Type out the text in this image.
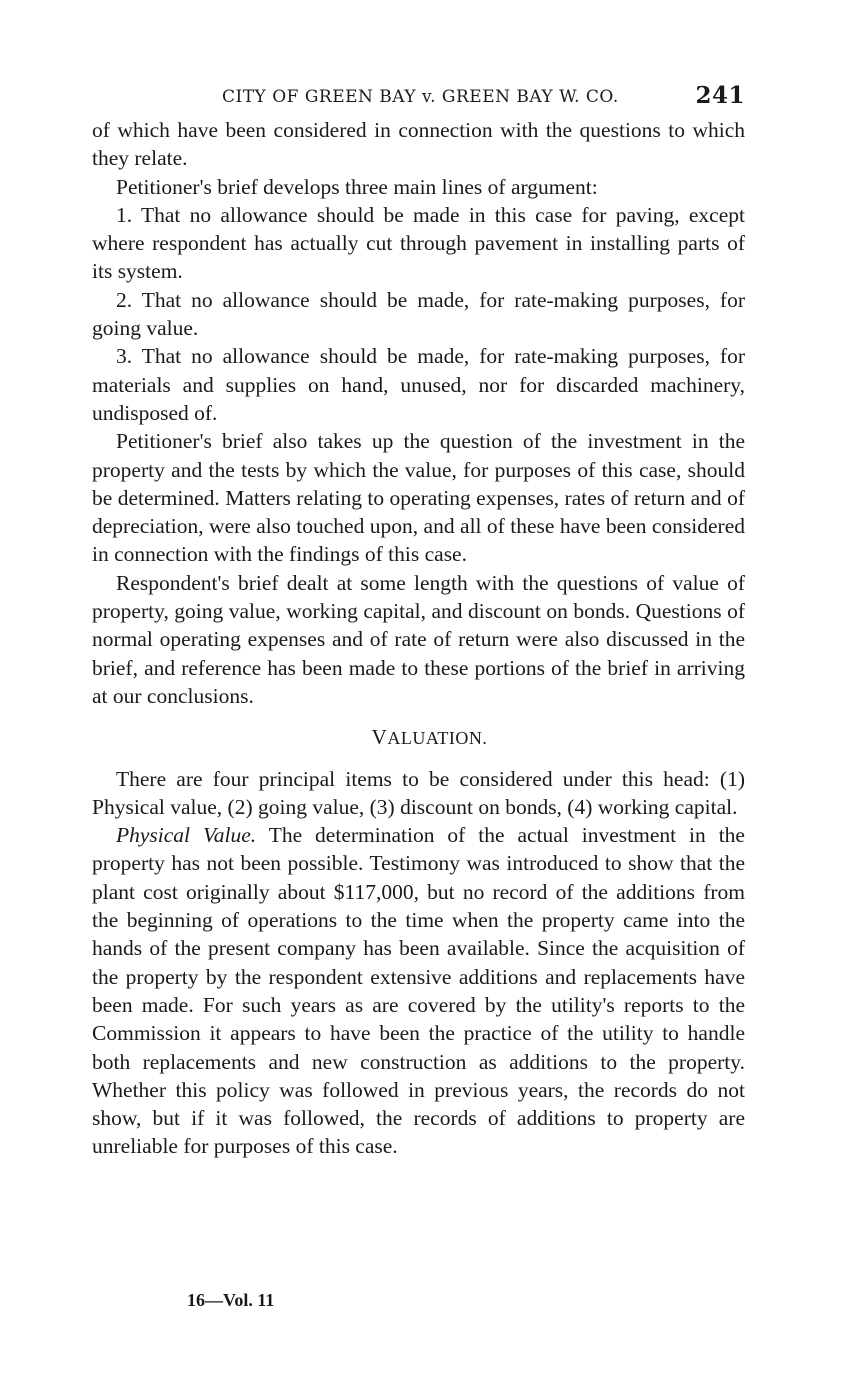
CITY OF GREEN BAY v. GREEN BAY W. CO.	241

of which have been considered in connection with the questions to which they relate.

Petitioner's brief develops three main lines of argument:

1. That no allowance should be made in this case for paving, except where respondent has actually cut through pavement in installing parts of its system.

2. That no allowance should be made, for rate-making purposes, for going value.

3. That no allowance should be made, for rate-making purposes, for materials and supplies on hand, unused, nor for discarded machinery, undisposed of.

Petitioner's brief also takes up the question of the investment in the property and the tests by which the value, for purposes of this case, should be determined. Matters relating to operating expenses, rates of return and of depreciation, were also touched upon, and all of these have been considered in connection with the findings of this case.

Respondent's brief dealt at some length with the questions of value of property, going value, working capital, and discount on bonds. Questions of normal operating expenses and of rate of return were also discussed in the brief, and reference has been made to these portions of the brief in arriving at our conclusions.

VALUATION.

There are four principal items to be considered under this head: (1) Physical value, (2) going value, (3) discount on bonds, (4) working capital.

Physical Value. The determination of the actual investment in the property has not been possible. Testimony was introduced to show that the plant cost originally about $117,000, but no record of the additions from the beginning of operations to the time when the property came into the hands of the present company has been available. Since the acquisition of the property by the respondent extensive additions and replacements have been made. For such years as are covered by the utility's reports to the Commission it appears to have been the practice of the utility to handle both replacements and new construction as additions to the property. Whether this policy was followed in previous years, the records do not show, but if it was followed, the records of additions to property are unreliable for purposes of this case.

16—Vol. 11
